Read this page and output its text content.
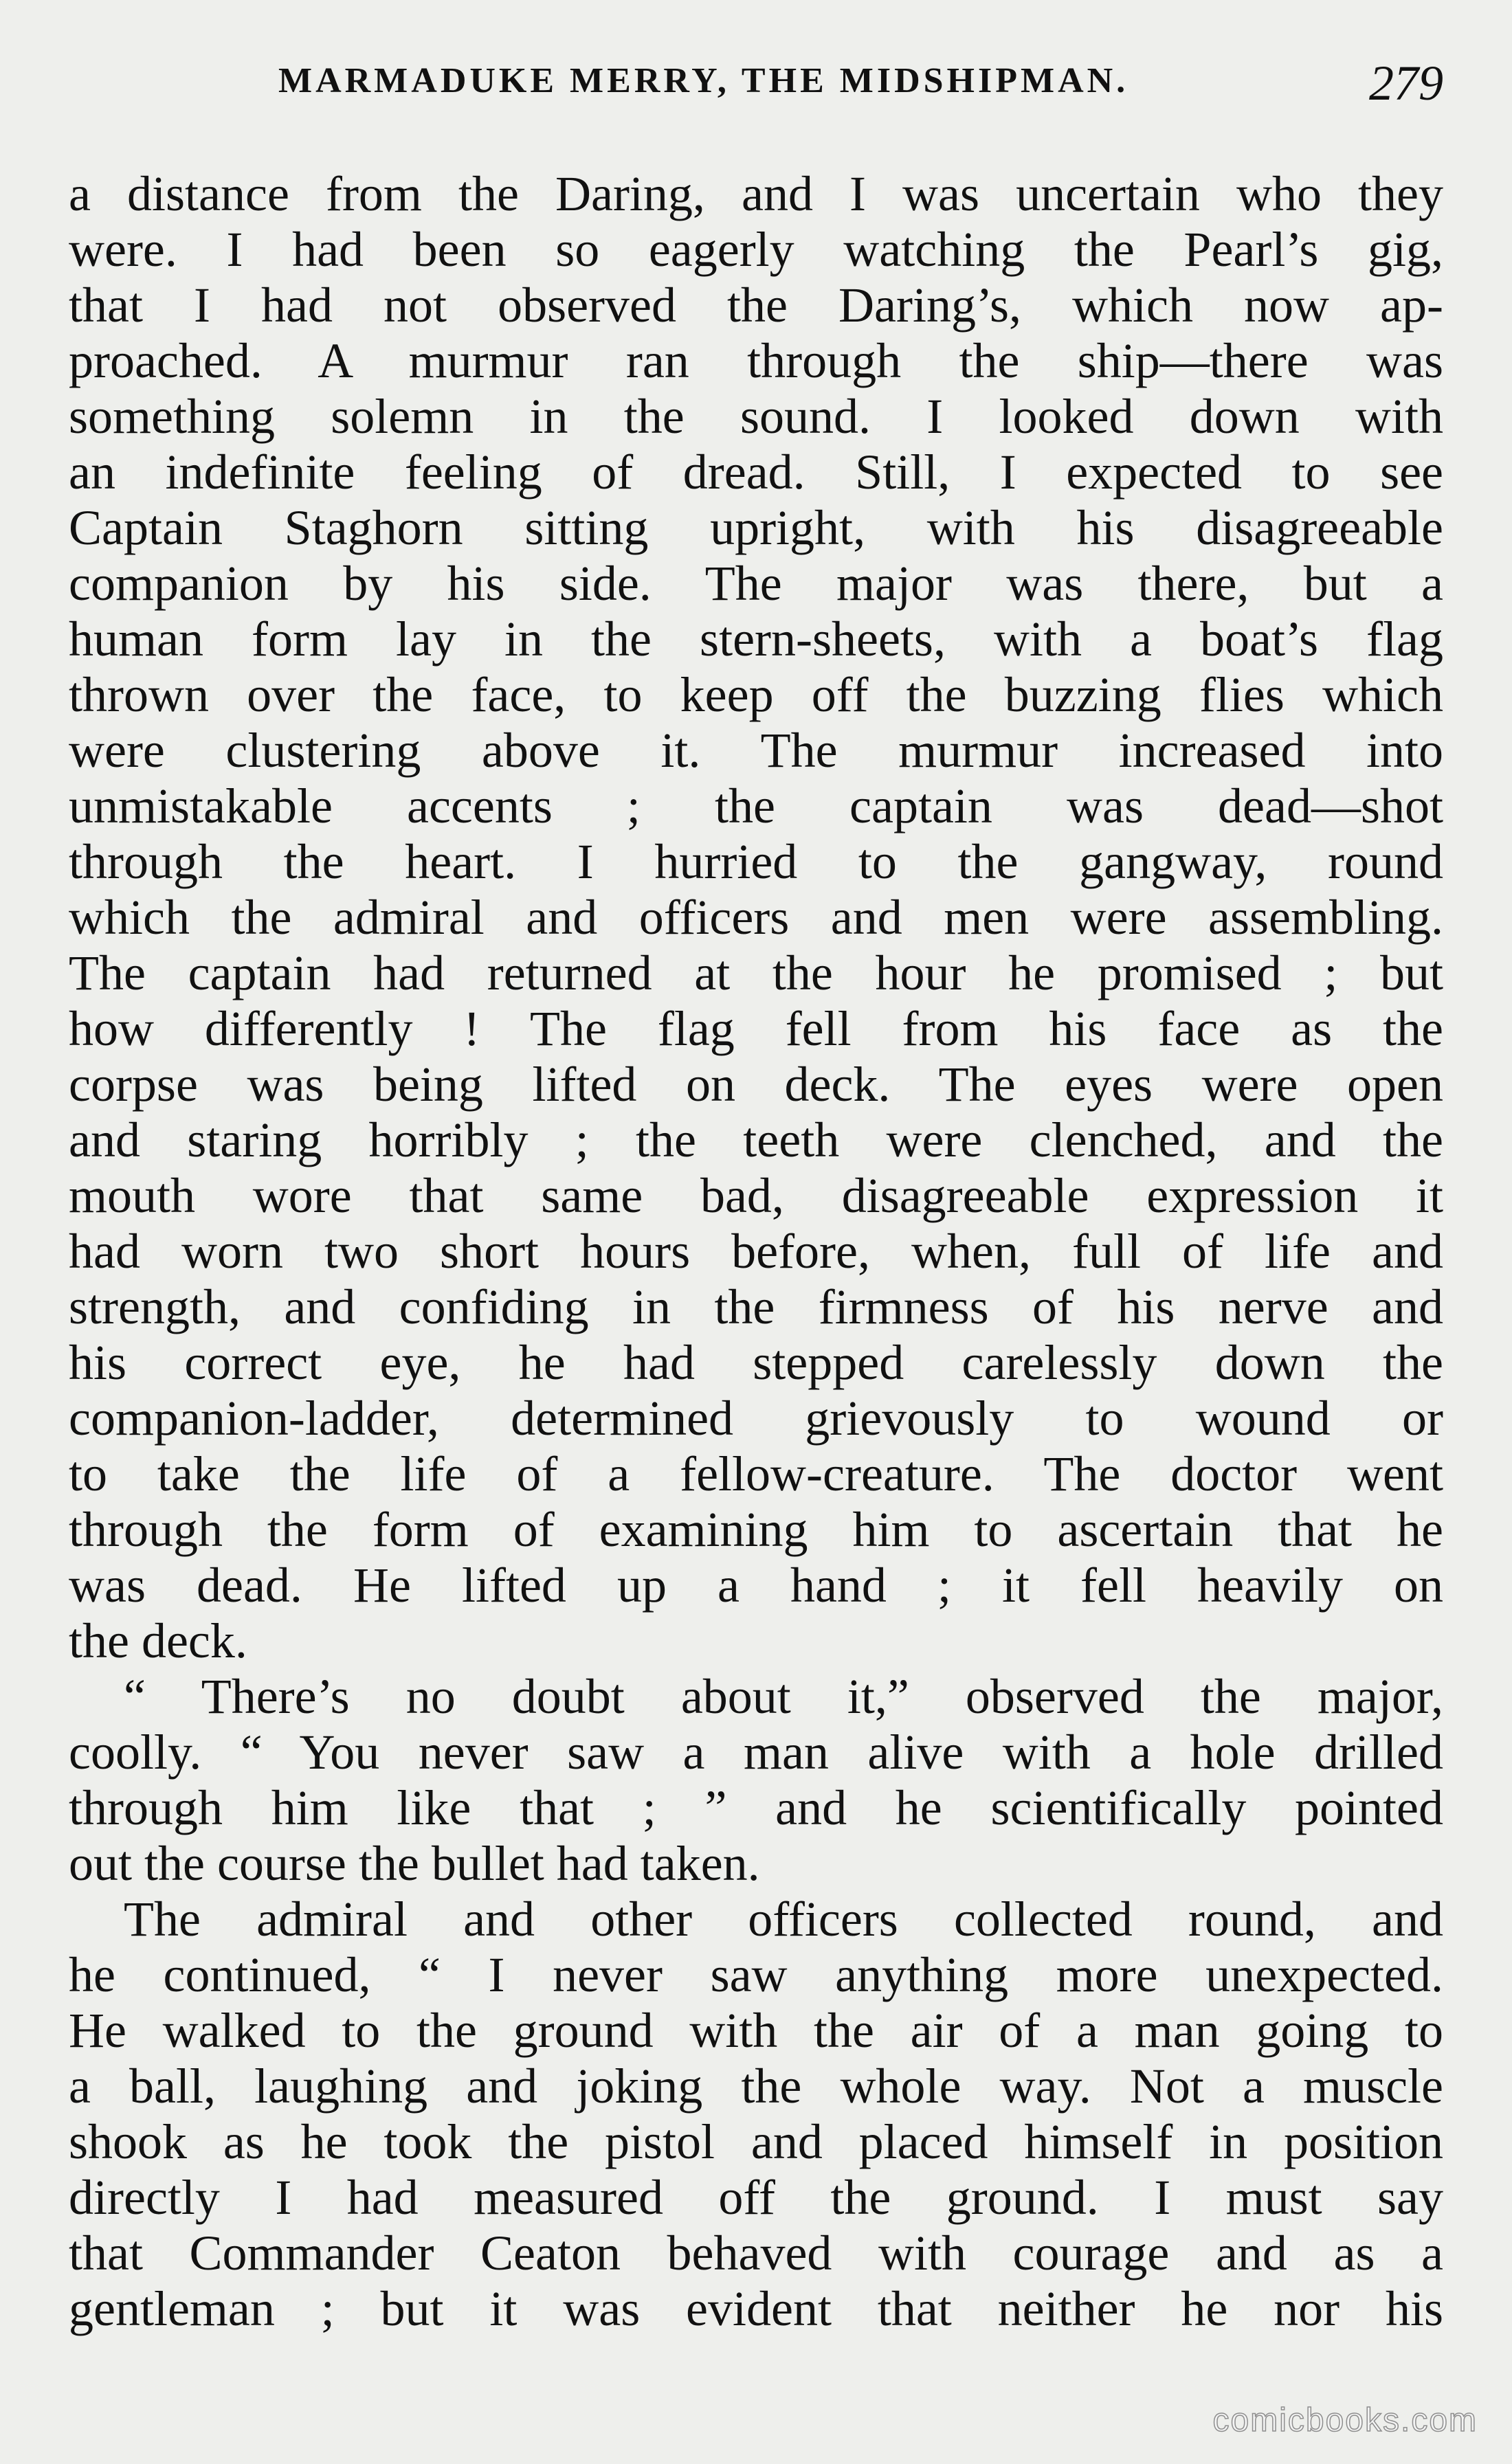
MARMADUKE MERRY, THE MIDSHIPMAN.	279
a distance from the Daring, and I was uncertain who they
were. I had been so eagerly watching the Pearl’s gig,
that I had not observed the Daring’s, which now ap-
proached. A murmur ran through the ship—there was
something solemn in the sound. I looked down with
an indefinite feeling of dread. Still, I expected to see
Captain Staghorn sitting upright, with his disagreeable
companion by his side. The major was there, but a
human form lay in the stern-sheets, with a boat’s flag
thrown over the face, to keep off the buzzing flies which
were clustering above it. The murmur increased into
unmistakable accents ; the captain was dead—shot
through the heart. I hurried to the gangway, round
which the admiral and officers and men were assembling.
The captain had returned at the hour he promised ; but
how differently ! The flag fell from his face as the
corpse was being lifted on deck. The eyes were open
and staring horribly ; the teeth were clenched, and the
mouth wore that same bad, disagreeable expression it
had worn two short hours before, when, full of life and
strength, and confiding in the firmness of his nerve and
his correct eye, he had stepped carelessly down the
companion-ladder, determined grievously to wound or
to take the life of a fellow-creature. The doctor went
through the form of examining him to ascertain that he
was dead. He lifted up a hand ; it fell heavily on
the deck.
“ There’s no doubt about it,” observed the major,
coolly. “ You never saw a man alive with a hole drilled
through him like that ; ” and he scientifically pointed
out the course the bullet had taken.
The admiral and other officers collected round, and
he continued, “ I never saw anything more unexpected.
He walked to the ground with the air of a man going to
a ball, laughing and joking the whole way. Not a muscle
shook as he took the pistol and placed himself in position
directly I had measured off the ground. I must say
that Commander Ceaton behaved with courage and as a
gentleman ; but it was evident that neither he nor his
comicbooks.com
